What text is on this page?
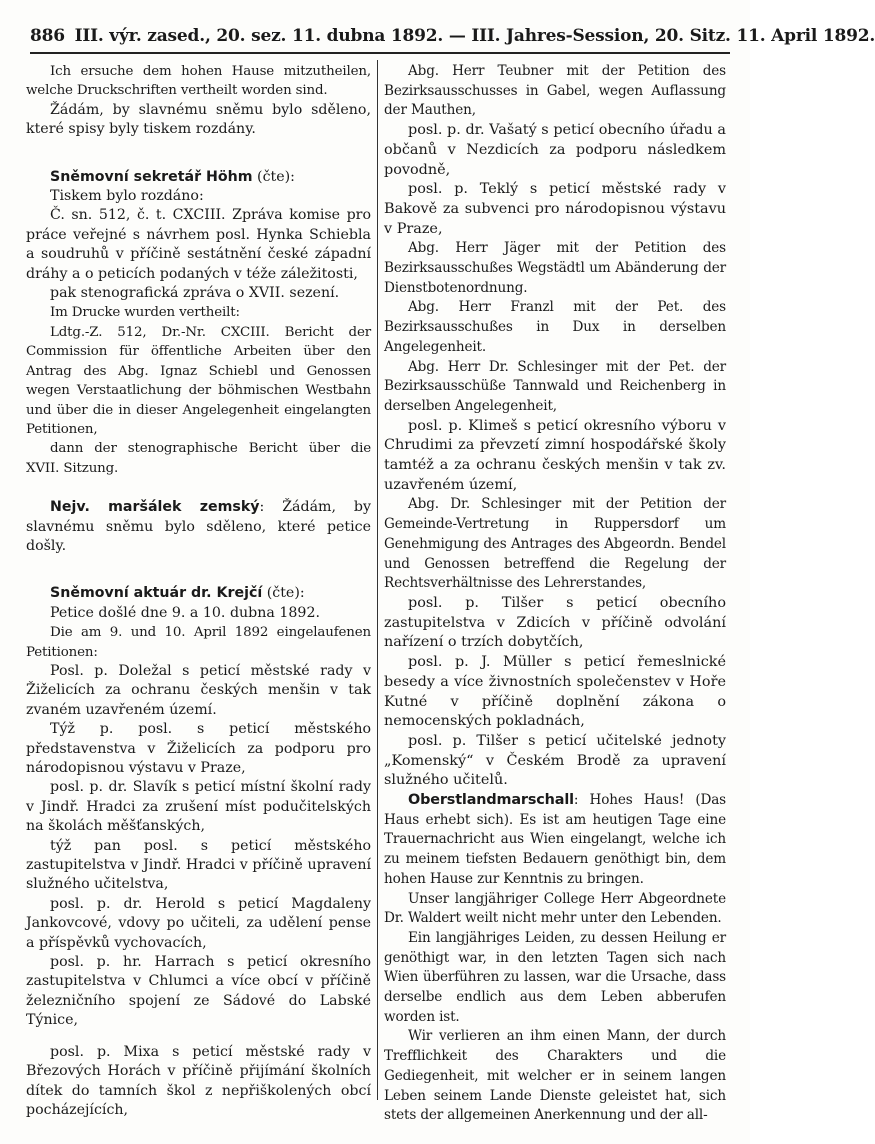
886 III. výr. zased., 20. sez. 11. dubna 1892. — III. Jahres-Session, 20. Sitz. 11. April 1892.

Ich ersuche dem hohen Hause mitzutheilen, welche Druckschriften vertheilt worden sind.

Žádám, by slavnému sněmu bylo sděleno, které spisy byly tiskem rozdány.

Sněmovní sekretář Höhm (čte):

Tiskem bylo rozdáno:

Č. sn. 512, č. t. CXCIII. Zpráva komise pro práce veřejné s návrhem posl. Hynka Schiebla a soudruhů v příčině sestátnění české západní dráhy a o peticích podaných v téže záležitosti,

pak stenografická zpráva o XVII. sezení.

Im Drucke wurden vertheilt:

Ldtg.-Z. 512, Dr.-Nr. CXCIII. Bericht der Commission für öffentliche Arbeiten über den Antrag des Abg. Ignaz Schiebl und Genossen wegen Verstaatlichung der böhmischen Westbahn und über die in dieser Angelegenheit eingelangten Petitionen,

dann der stenographische Bericht über die XVII. Sitzung.

Nejv. maršálek zemský: Žádám, by slavnému sněmu bylo sděleno, které petice došly.

Sněmovní aktuár dr. Krejčí (čte):

Petice došlé dne 9. a 10. dubna 1892.

Die am 9. und 10. April 1892 eingelaufenen Petitionen:

Posl. p. Doležal s peticí městské rady v Žiželicích za ochranu českých menšin v tak zvaném uzavřeném území.

Týž p. posl. s peticí městského představenstva v Žiželicích za podporu pro národopisnou výstavu v Praze,

posl. p. dr. Slavík s peticí místní školní rady v Jindř. Hradci za zrušení míst podučitelských na školách měšťanských,

týž pan posl. s peticí městského zastupitelstva v Jindř. Hradci v příčině upravení služného učitelstva,

posl. p. dr. Herold s peticí Magdaleny Jankovcové, vdovy po učiteli, za udělení pense a příspěvků vychovacích,

posl. p. hr. Harrach s peticí okresního zastupitelstva v Chlumci a více obcí v příčině železničního spojení ze Sádové do Labské Týnice,

posl. p. Mixa s peticí městské rady v Březových Horách v příčině přijímání školních dítek do tamních škol z nepřiškolených obcí pocházejících,

Abg. Herr Teubner mit der Petition des Bezirksausschusses in Gabel, wegen Auflassung der Mauthen,

posl. p. dr. Vašatý s peticí obecního úřadu a občanů v Nezdicích za podporu následkem povodně,

posl. p. Teklý s peticí městské rady v Bakově za subvenci pro národopisnou výstavu v Praze,

Abg. Herr Jäger mit der Petition des Bezirksausschußes Wegstädtl um Abänderung der Dienstbotenordnung.

Abg. Herr Franzl mit der Pet. des Bezirksausschußes in Dux in derselben Angelegenheit.

Abg. Herr Dr. Schlesinger mit der Pet. der Bezirksausschüße Tannwald und Reichenberg in derselben Angelegenheit,

posl. p. Klimeš s peticí okresního výboru v Chrudimi za převzetí zimní hospodářské školy tamtéž a za ochranu českých menšin v tak zv. uzavřeném území,

Abg. Dr. Schlesinger mit der Petition der Gemeinde-Vertretung in Ruppersdorf um Genehmigung des Antrages des Abgeordn. Bendel und Genossen betreffend die Regelung der Rechtsverhältnisse des Lehrerstandes,

posl. p. Tilšer s peticí obecního zastupitelstva v Zdicích v příčině odvolání nařízení o trzích dobytčích,

posl. p. J. Müller s peticí řemeslnické besedy a více živnostních společenstev v Hoře Kutné v příčině doplnění zákona o nemocenských pokladnách,

posl. p. Tilšer s peticí učitelské jednoty „Komenský“ v Českém Brodě za upravení služného učitelů.

Oberstlandmarschall: Hohes Haus! (Das Haus erhebt sich). Es ist am heutigen Tage eine Trauernachricht aus Wien eingelangt, welche ich zu meinem tiefsten Bedauern genöthigt bin, dem hohen Hause zur Kenntnis zu bringen.

Unser langjähriger College Herr Abgeordnete Dr. Waldert weilt nicht mehr unter den Lebenden.

Ein langjähriges Leiden, zu dessen Heilung er genöthigt war, in den letzten Tagen sich nach Wien überführen zu lassen, war die Ursache, dass derselbe endlich aus dem Leben abberufen worden ist.

Wir verlieren an ihm einen Mann, der durch Trefflichkeit des Charakters und die Gediegenheit, mit welcher er in seinem langen Leben seinem Lande Dienste geleistet hat, sich stets der allgemeinen Anerkennung und der all-
